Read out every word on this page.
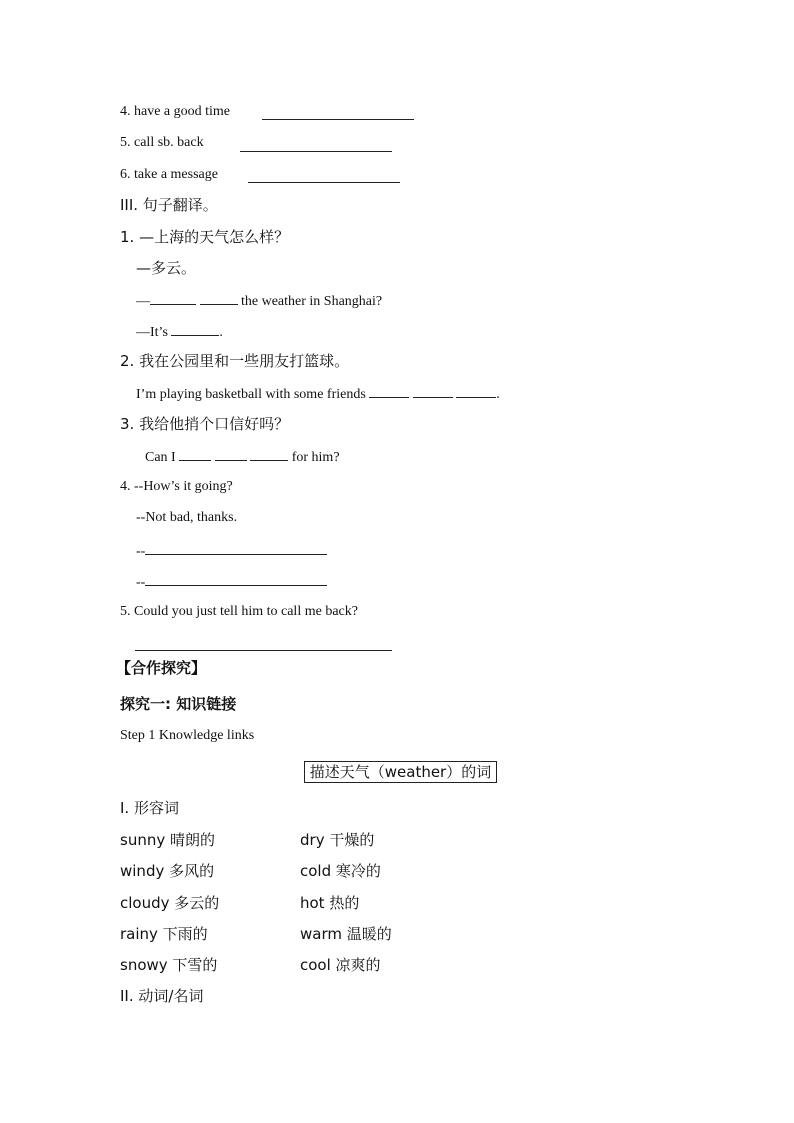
4. have a good time
5. call sb. back
6. take a message
III. 句子翻译。
1. —上海的天气怎么样？
—多云。
—	the weather in Shanghai?
—It’s	.
2. 我在公园里和一些朋友打篮球。
I’m playing basketball with some friends	.
3. 我给他捎个口信好吗？
Can I	for him?
4. --How’s it going?
--Not bad, thanks.
--
--
5. Could you just tell him to call me back?
【合作探究】
探究一: 知识链接
Step 1 Knowledge links
描述天气（weather）的词
I. 形容词
sunny 晴朗的	dry 干燥的
windy 多风的	cold 寒冷的
cloudy 多云的	hot 热的
rainy 下雨的	warm 温暖的
snowy 下雪的	cool 凉爽的
II. 动词/名词
